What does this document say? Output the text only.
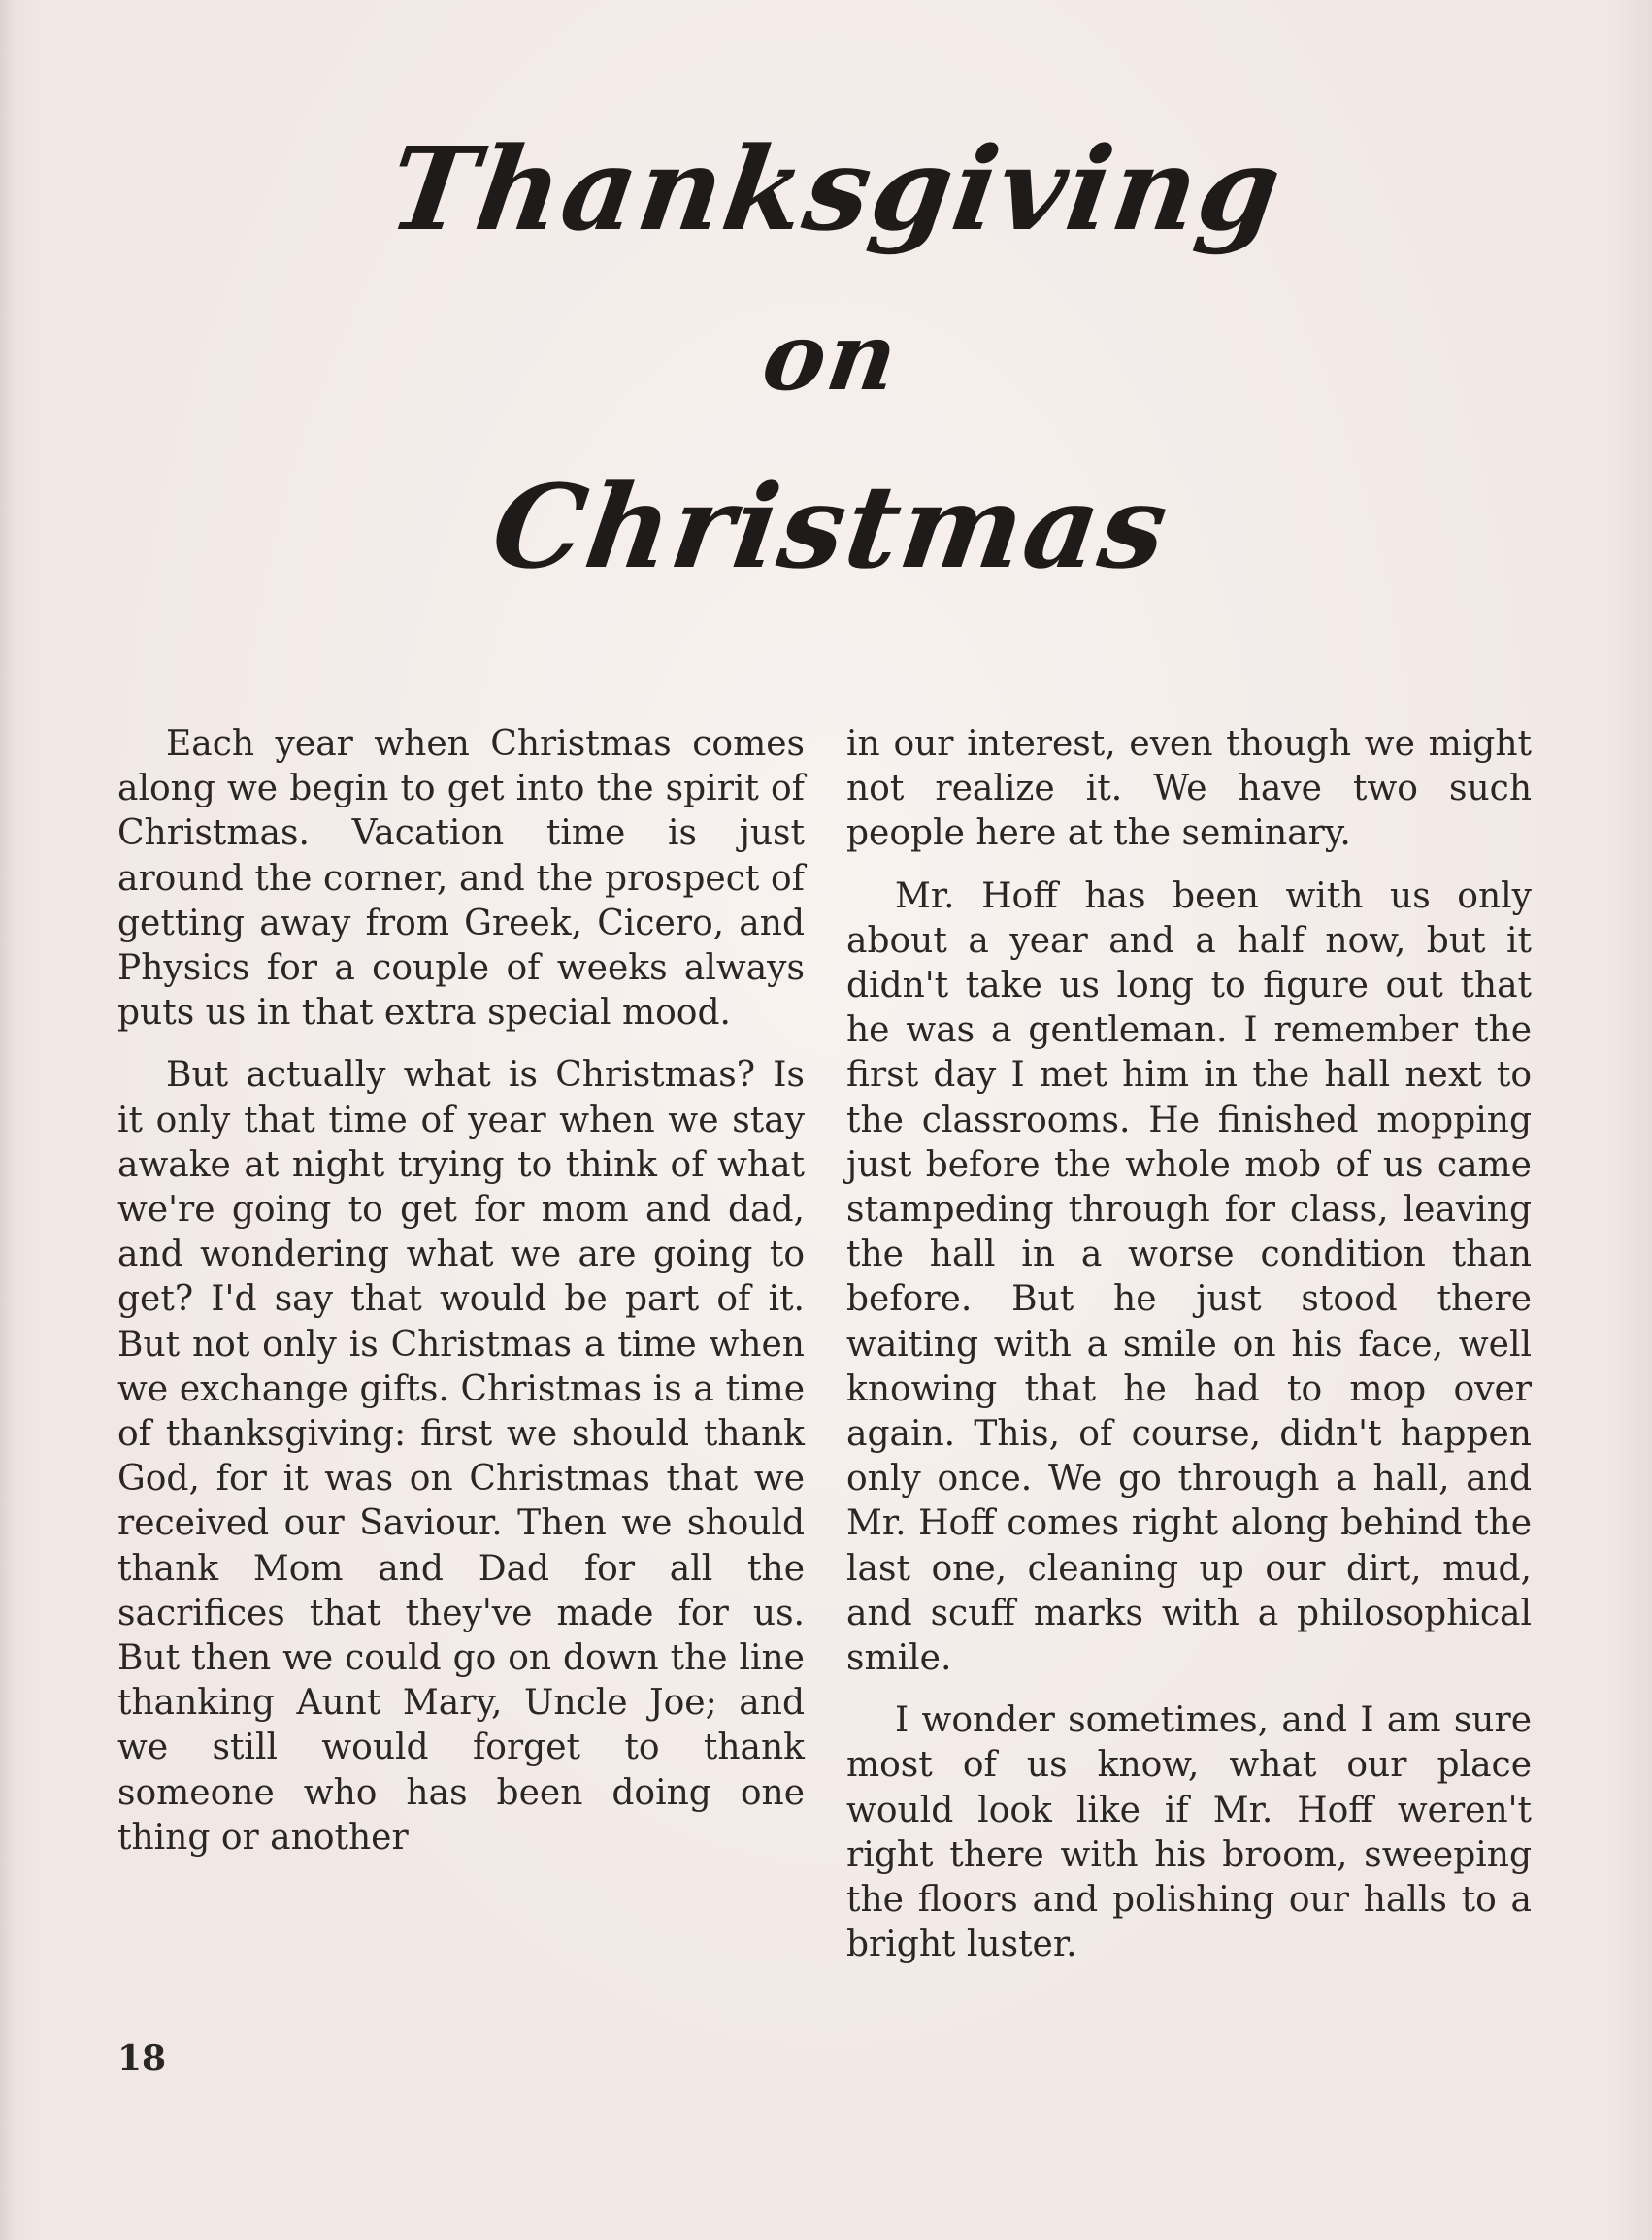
Thanksgiving
on
Christmas

Each year when Christmas comes along we begin to get into the spirit of Christmas. Vacation time is just around the corner, and the prospect of getting away from Greek, Cicero, and Physics for a couple of weeks always puts us in that extra special mood.

But actually what is Christmas? Is it only that time of year when we stay awake at night trying to think of what we're going to get for mom and dad, and wondering what we are going to get? I'd say that would be part of it. But not only is Christmas a time when we exchange gifts. Christmas is a time of thanksgiving: first we should thank God, for it was on Christmas that we received our Saviour. Then we should thank Mom and Dad for all the sacrifices that they've made for us. But then we could go on down the line thanking Aunt Mary, Uncle Joe; and we still would forget to thank someone who has been doing one thing or another

in our interest, even though we might not realize it. We have two such people here at the seminary.

Mr. Hoff has been with us only about a year and a half now, but it didn't take us long to figure out that he was a gentleman. I remember the first day I met him in the hall next to the classrooms. He finished mopping just before the whole mob of us came stampeding through for class, leaving the hall in a worse condition than before. But he just stood there waiting with a smile on his face, well knowing that he had to mop over again. This, of course, didn't happen only once. We go through a hall, and Mr. Hoff comes right along behind the last one, cleaning up our dirt, mud, and scuff marks with a philosophical smile.

I wonder sometimes, and I am sure most of us know, what our place would look like if Mr. Hoff weren't right there with his broom, sweeping the floors and polishing our halls to a bright luster.

18
